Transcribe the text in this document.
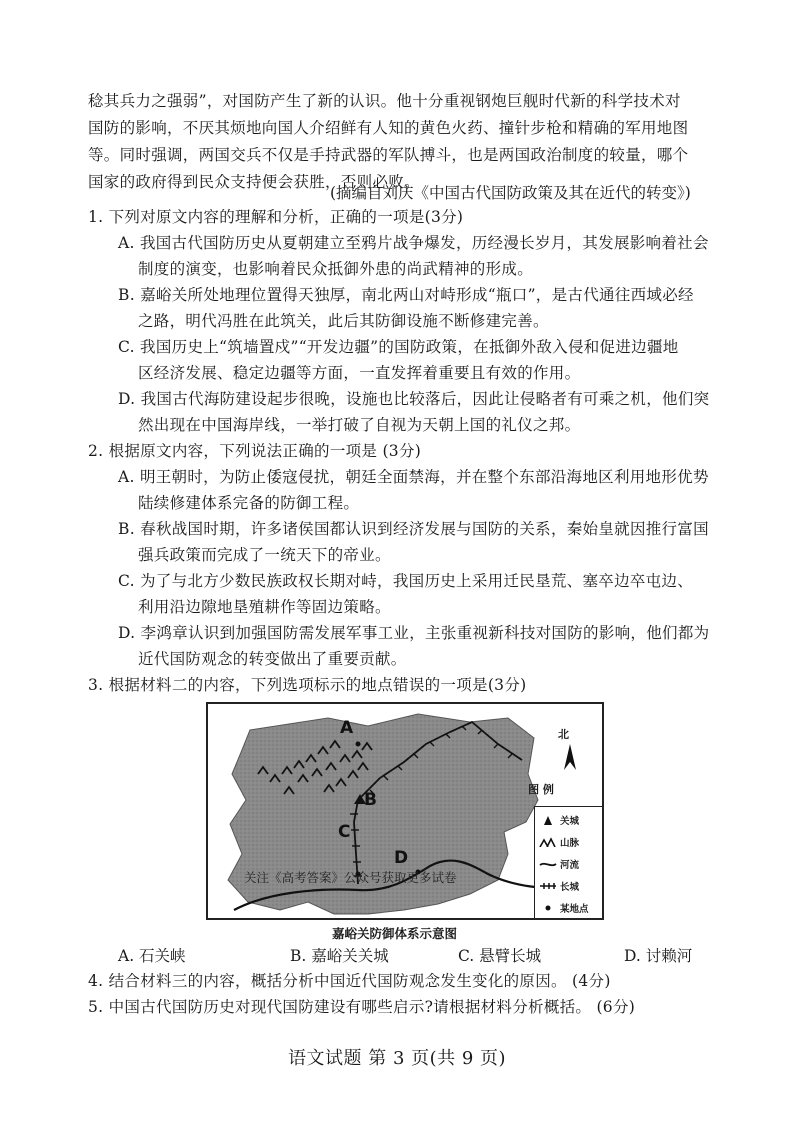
稔其兵力之强弱”，对国防产生了新的认识。他十分重视钢炮巨舰时代新的科学技术对
国防的影响，不厌其烦地向国人介绍鲜有人知的黄色火药、撞针步枪和精确的军用地图
等。同时强调，两国交兵不仅是手持武器的军队搏斗，也是两国政治制度的较量，哪个
国家的政府得到民众支持便会获胜，否则必败。
(摘编自刘庆《中国古代国防政策及其在近代的转变》)
1. 下列对原文内容的理解和分析，正确的一项是(3分)
A. 我国古代国防历史从夏朝建立至鸦片战争爆发，历经漫长岁月，其发展影响着社会
制度的演变，也影响着民众抵御外患的尚武精神的形成。
B. 嘉峪关所处地理位置得天独厚，南北两山对峙形成“瓶口”，是古代通往西域必经
之路，明代冯胜在此筑关，此后其防御设施不断修建完善。
C. 我国历史上“筑墙置戍”“开发边疆”的国防政策，在抵御外敌入侵和促进边疆地
区经济发展、稳定边疆等方面，一直发挥着重要且有效的作用。
D. 我国古代海防建设起步很晚，设施也比较落后，因此让侵略者有可乘之机，他们突
然出现在中国海岸线，一举打破了自视为天朝上国的礼仪之邦。
2. 根据原文内容，下列说法正确的一项是 (3分)
A. 明王朝时，为防止倭寇侵扰，朝廷全面禁海，并在整个东部沿海地区利用地形优势
陆续修建体系完备的防御工程。
B. 春秋战国时期，许多诸侯国都认识到经济发展与国防的关系，秦始皇就因推行富国
强兵政策而完成了一统天下的帝业。
C. 为了与北方少数民族政权长期对峙，我国历史上采用迁民垦荒、塞卒边卒屯边、
利用沿边隙地垦殖耕作等固边策略。
D. 李鸿章认识到加强国防需发展军事工业，主张重视新科技对国防的影响，他们都为
近代国防观念的转变做出了重要贡献。
3. 根据材料二的内容，下列选项标示的地点错误的一项是(3分)
北
A
B
C
D
关注《高考答案》公众号获取更多试卷
图 例
关城
山脉
河流
长城
某地点
嘉峪关防御体系示意图
A. 石关峡	B. 嘉峪关关城	C. 悬臂长城	D. 讨赖河
4. 结合材料三的内容，概括分析中国近代国防观念发生变化的原因。 (4分)
5. 中国古代国防历史对现代国防建设有哪些启示?请根据材料分析概括。 (6分)
语文试题 第 3 页(共 9 页)
